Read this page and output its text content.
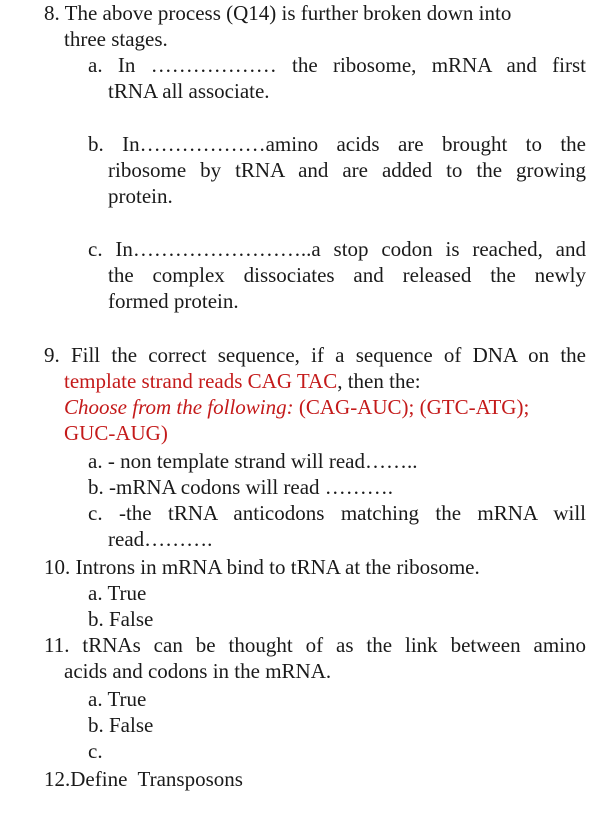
8. The above process (Q14) is further broken down into
three stages.
a. In ……………… the ribosome, mRNA and first
tRNA all associate.
b. In………………amino acids are brought to the
ribosome by tRNA and are added to the growing
protein.
c. In……………………..a stop codon is reached, and
the complex dissociates and released the newly
formed protein.
9. Fill the correct sequence, if a sequence of DNA on the
template strand reads CAG TAC, then the:
Choose from the following: (CAG-AUC); (GTC-ATG);
GUC-AUG)
a. - non template strand will read……..
b. -mRNA codons will read ……….
c. -the tRNA anticodons matching the mRNA will
read……….
10. Introns in mRNA bind to tRNA at the ribosome.
a. True
b. False
11. tRNAs can be thought of as the link between amino
acids and codons in the mRNA.
a. True
b. False
c.
12.Define  Transposons
